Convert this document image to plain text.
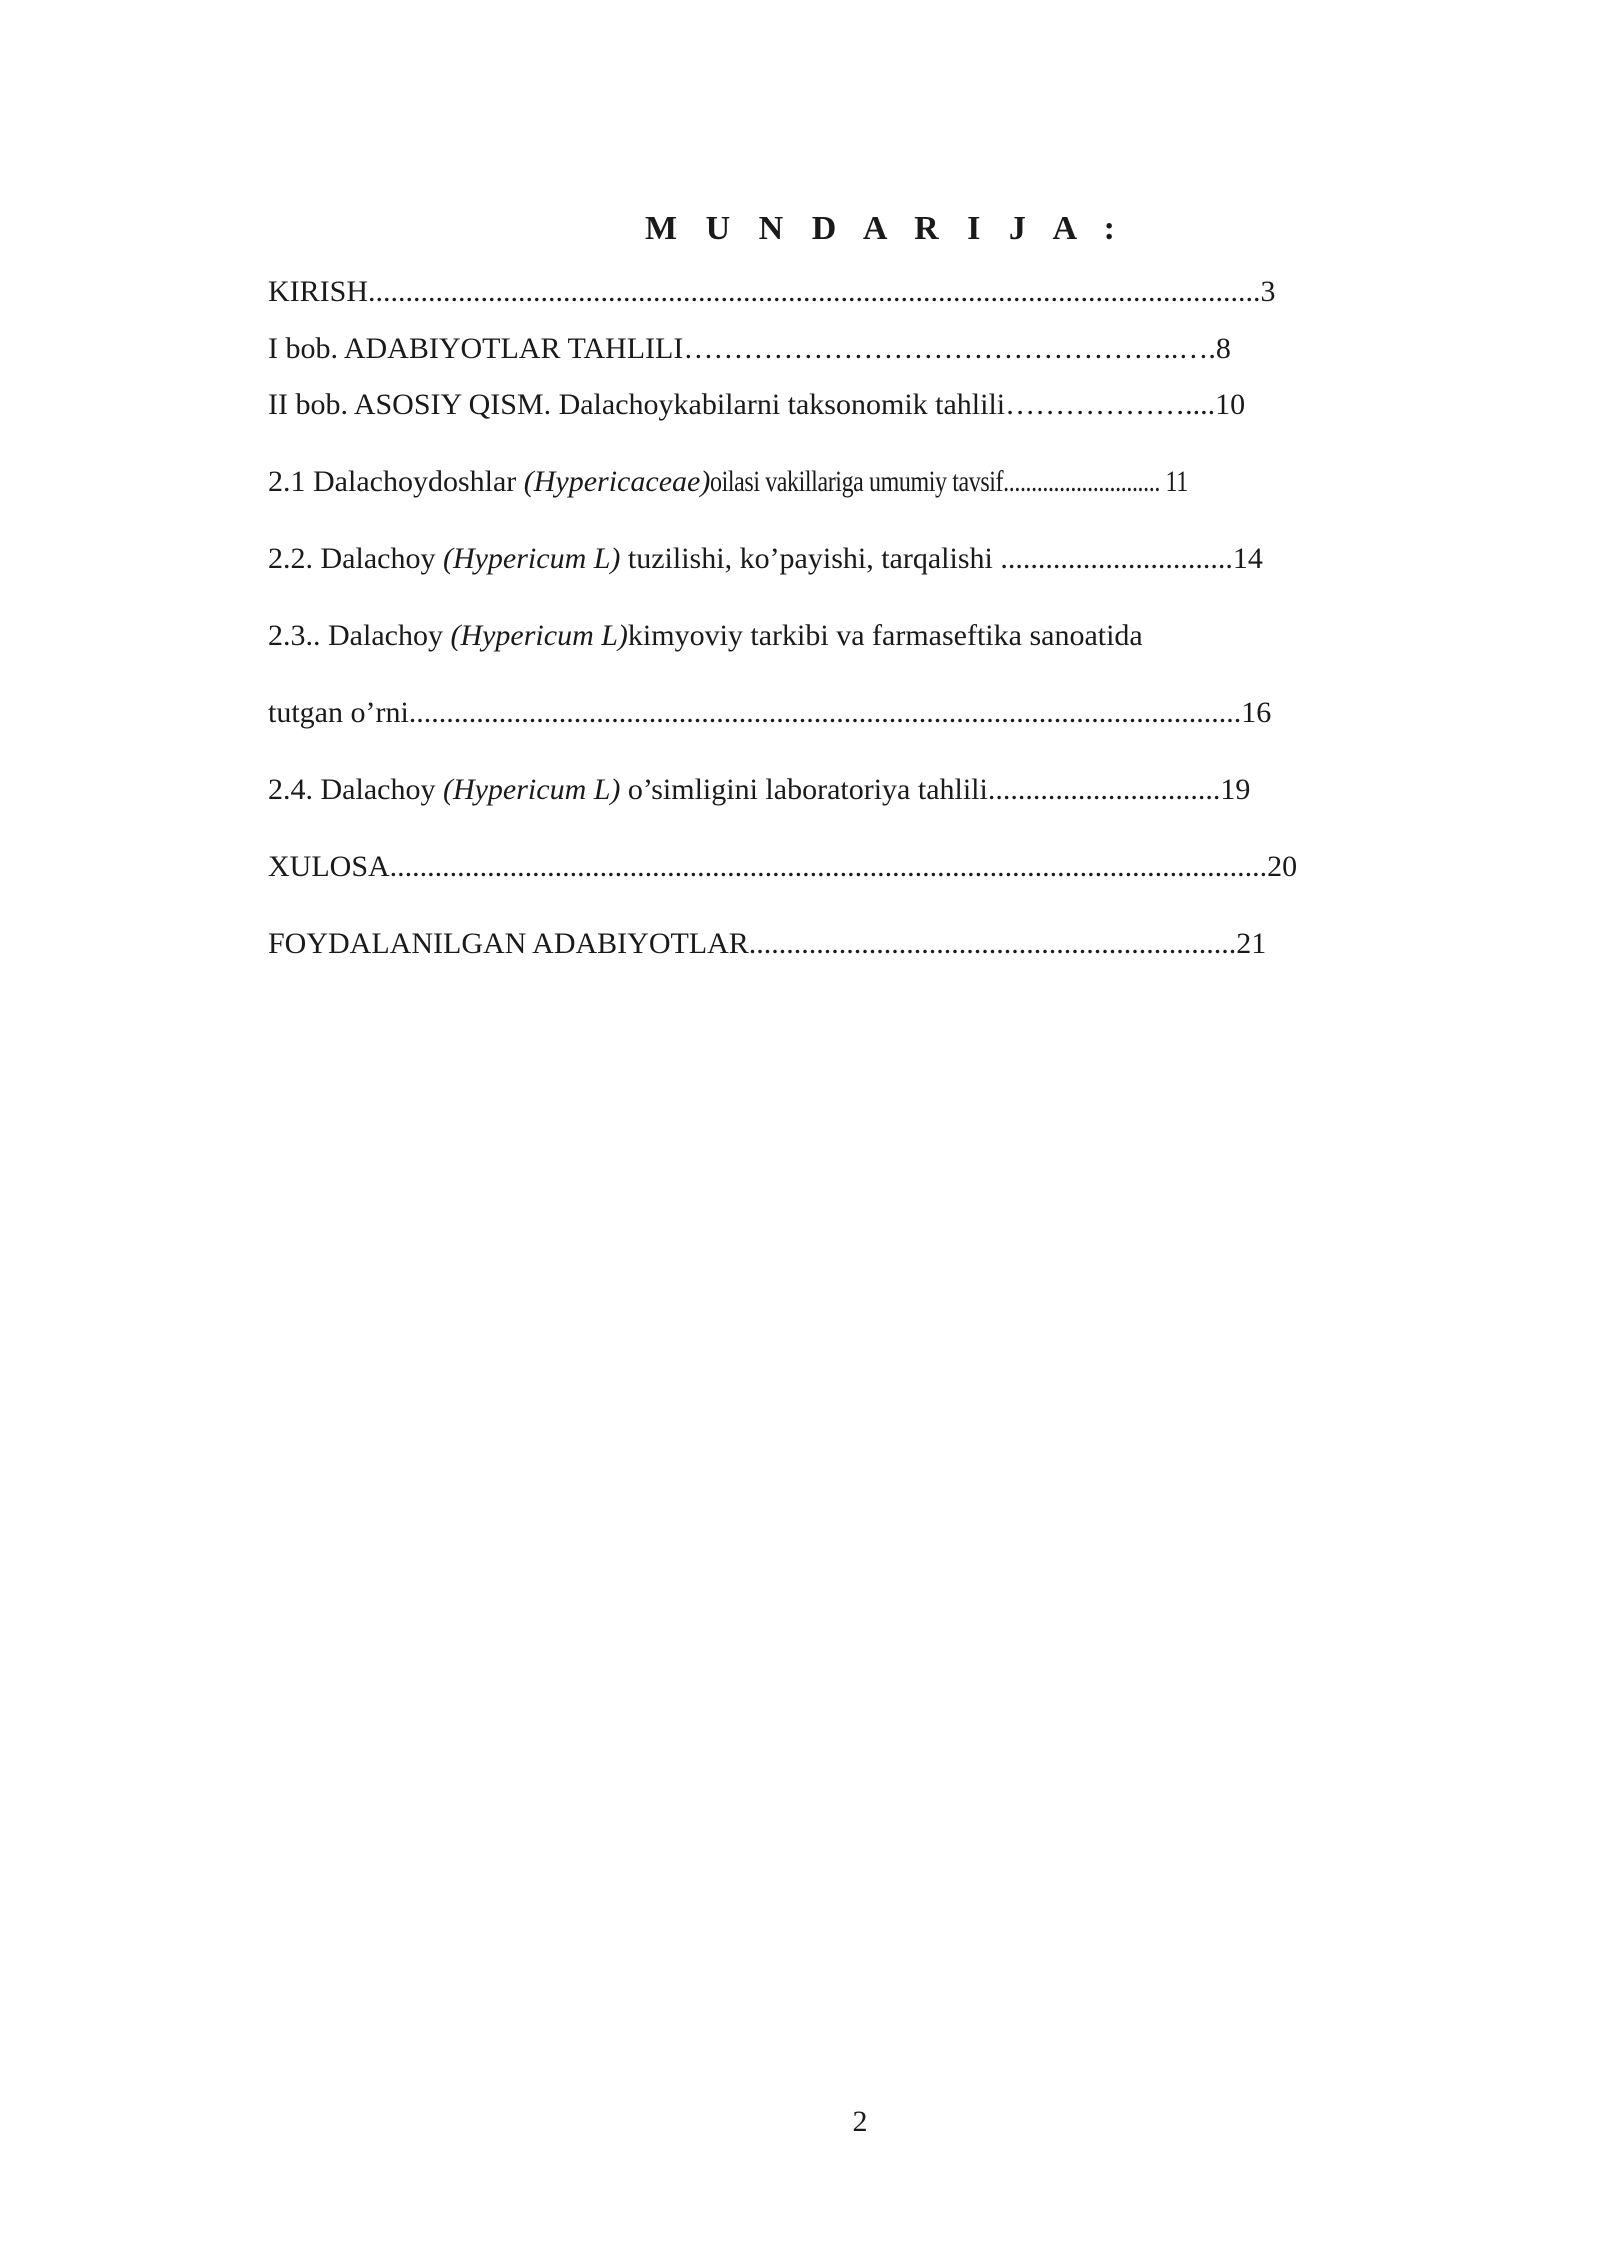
M U N D A R I J A :
KIRISH.......................................................................................................................3
I bob. ADABIYOTLAR TAHLILI…………………………………………..….8
II bob. ASOSIY QISM. Dalachoykabilarni taksonomik tahlili………………....10
2.1 Dalachoydoshlar (Hypericaceae)oilasi vakillariga umumiy tavsif............................ 11
2.2. Dalachoy (Hypericum L) tuzilishi, ko’payishi, tarqalishi ...............................14
2.3.. Dalachoy (Hypericum L)kimyoviy tarkibi va farmaseftika sanoatida
tutgan o’rni...............................................................................................................16
2.4. Dalachoy (Hypericum L) o’simligini laboratoriya tahlili...............................19
XULOSA.....................................................................................................................20
FOYDALANILGAN ADABIYOTLAR.................................................................21
2
